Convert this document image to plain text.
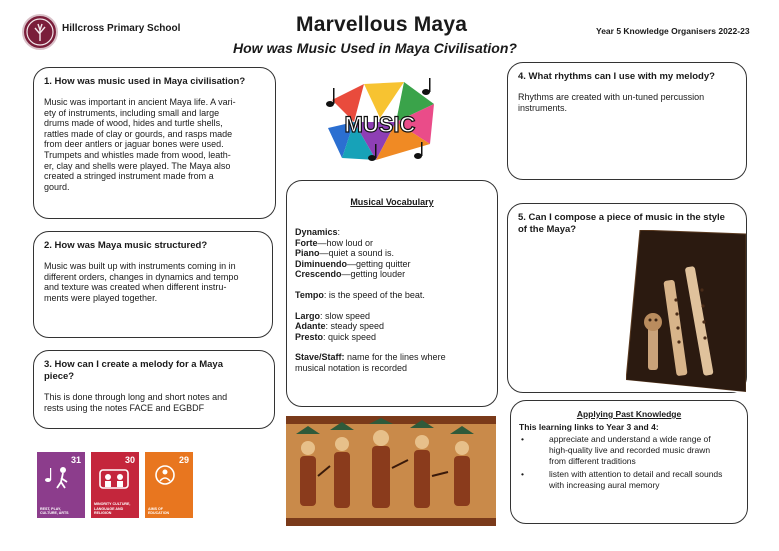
Hillcross Primary School	Marvellous Maya
How was Music Used in Maya Civilisation?
Year 5 Knowledge Organisers 2022-23
1. How was music used in Maya civilisation?

Music was important in ancient Maya life. A vari-
ety of instruments, including small and large
drums made of wood, hides and turtle shells,
rattles made of clay or gourds, and rasps made
from deer antlers or jaguar bones were used.
Trumpets and whistles made from wood, leath-
er, clay and shells were played. The Maya also
created a stringed instrument made from a
gourd.

2. How was Maya music structured?

Music was built up with instruments coming in in
different orders, changes in dynamics and tempo
and texture was created when different instru-
ments were played together.

3. How can I create a melody for a Maya
piece?

This is done through long and short notes and
rests using the notes FACE and EGBDF

4. What rhythms can I use with my melody?

Rhythms are created with un-tuned percussion
instruments.

5. Can I compose a piece of music in the style
of the Maya?
MUSIC
Musical Vocabulary
Dynamics:
Forte—how loud or
Piano—quiet a sound is.
Diminuendo—getting quitter
Crescendo—getting louder
Tempo: is the speed of the beat.
Largo: slow speed
Adante: steady speed
Presto: quick speed
Stave/Staff: name for the lines where
musical notation is recorded
Applying Past Knowledge
This learning links to Year 3 and 4:
• appreciate and understand a wide range of
high-quality live and recorded music drawn
from different traditions
• listen with attention to detail and recall sounds
with increasing aural memory
31
REST, PLAY,
CULTURE, ARTS
30
MINORITY CULTURE,
LANGUAGE AND
RELIGION
29
AIMS OF
EDUCATION
